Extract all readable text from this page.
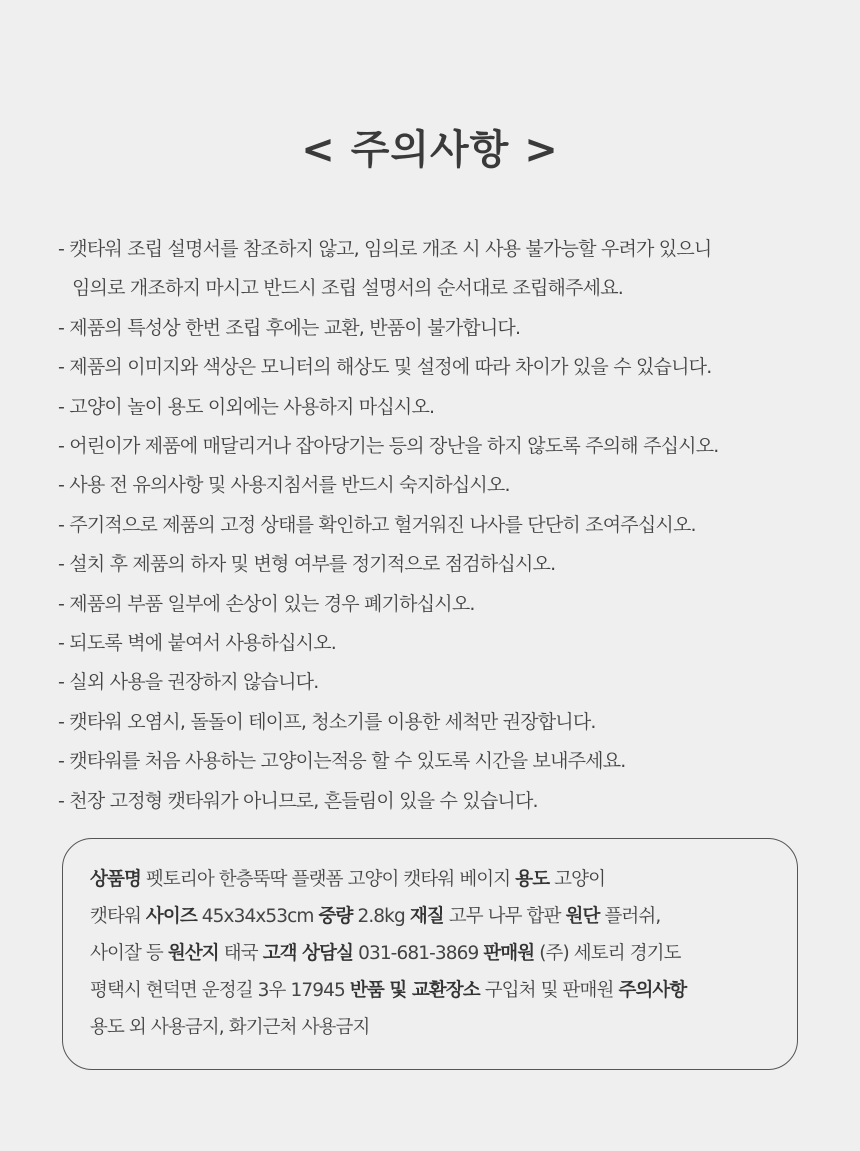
< 주의사항 >
- 캣타워 조립 설명서를 참조하지 않고, 임의로 개조 시 사용 불가능할 우려가 있으니
임의로 개조하지 마시고 반드시 조립 설명서의 순서대로 조립해주세요.
- 제품의 특성상 한번 조립 후에는 교환, 반품이 불가합니다.
- 제품의 이미지와 색상은 모니터의 해상도 및 설정에 따라 차이가 있을 수 있습니다.
- 고양이 놀이 용도 이외에는 사용하지 마십시오.
- 어린이가 제품에 매달리거나 잡아당기는 등의 장난을 하지 않도록 주의해 주십시오.
- 사용 전 유의사항 및 사용지침서를 반드시 숙지하십시오.
- 주기적으로 제품의 고정 상태를 확인하고 헐거워진 나사를 단단히 조여주십시오.
- 설치 후 제품의 하자 및 변형 여부를 정기적으로 점검하십시오.
- 제품의 부품 일부에 손상이 있는 경우 폐기하십시오.
- 되도록 벽에 붙여서 사용하십시오.
- 실외 사용을 권장하지 않습니다.
- 캣타워 오염시, 돌돌이 테이프, 청소기를 이용한 세척만 권장합니다.
- 캣타워를 처음 사용하는 고양이는적응 할 수 있도록 시간을 보내주세요.
- 천장 고정형 캣타워가 아니므로, 흔들림이 있을 수 있습니다.

상품명 펫토리아 한층뚝딱 플랫폼 고양이 캣타워 베이지 용도 고양이

캣타워 사이즈 45x34x53cm 중량 2.8kg 재질 고무 나무 합판 원단 플러쉬,

사이잘 등 원산지 태국 고객 상담실 031-681-3869 판매원 (주) 세토리 경기도

평택시 현덕면 운정길 3우 17945 반품 및 교환장소 구입처 및 판매원 주의사항

용도 외 사용금지, 화기근처 사용금지
